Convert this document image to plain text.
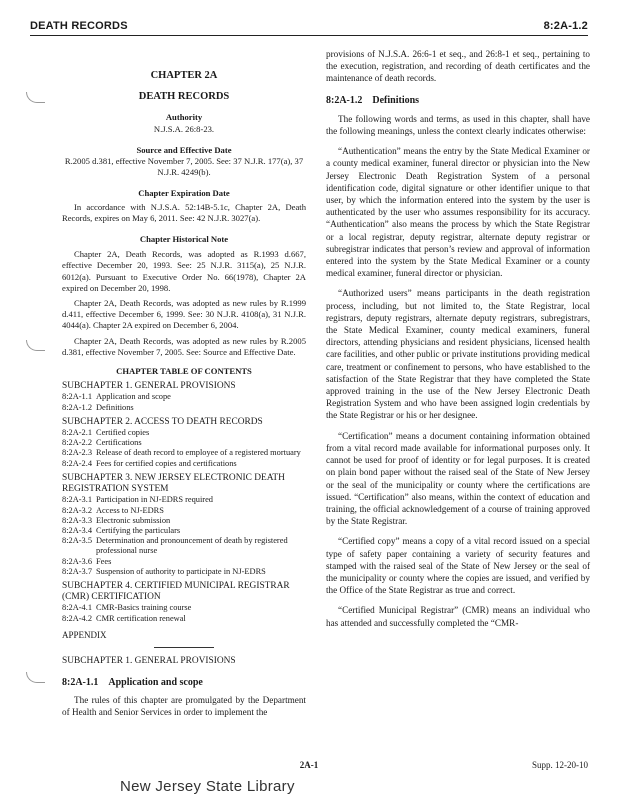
DEATH RECORDS	8:2A-1.2
CHAPTER 2A
DEATH RECORDS
Authority
N.J.S.A. 26:8-23.
Source and Effective Date
R.2005 d.381, effective November 7, 2005. See: 37 N.J.R. 177(a), 37 N.J.R. 4249(b).
Chapter Expiration Date

In accordance with N.J.S.A. 52:14B-5.1c, Chapter 2A, Death Records, expires on May 6, 2011. See: 42 N.J.R. 3027(a).

Chapter Historical Note

Chapter 2A, Death Records, was adopted as R.1993 d.667, effective December 20, 1993. See: 25 N.J.R. 3115(a), 25 N.J.R. 6012(a). Pursuant to Executive Order No. 66(1978), Chapter 2A expired on December 20, 1998.

Chapter 2A, Death Records, was adopted as new rules by R.1999 d.411, effective December 6, 1999. See: 30 N.J.R. 4108(a), 31 N.J.R. 4044(a). Chapter 2A expired on December 6, 2004.

Chapter 2A, Death Records, was adopted as new rules by R.2005 d.381, effective November 7, 2005. See: Source and Effective Date.

CHAPTER TABLE OF CONTENTS
SUBCHAPTER 1. GENERAL PROVISIONS
8:2A-1.1 Application and scope
8:2A-1.2 Definitions
SUBCHAPTER 2. ACCESS TO DEATH RECORDS
8:2A-2.1 Certified copies
8:2A-2.2 Certifications
8:2A-2.3 Release of death record to employee of a registered mortuary
8:2A-2.4 Fees for certified copies and certifications
SUBCHAPTER 3. NEW JERSEY ELECTRONIC DEATH REGISTRATION SYSTEM
8:2A-3.1 Participation in NJ-EDRS required
8:2A-3.2 Access to NJ-EDRS
8:2A-3.3 Electronic submission
8:2A-3.4 Certifying the particulars
8:2A-3.5 Determination and pronouncement of death by registered professional nurse
8:2A-3.6 Fees
8:2A-3.7 Suspension of authority to participate in NJ-EDRS
SUBCHAPTER 4. CERTIFIED MUNICIPAL REGISTRAR (CMR) CERTIFICATION
8:2A-4.1 CMR-Basics training course
8:2A-4.2 CMR certification renewal
APPENDIX
SUBCHAPTER 1. GENERAL PROVISIONS
8:2A-1.1 Application and scope

The rules of this chapter are promulgated by the Department of Health and Senior Services in order to implement the

provisions of N.J.S.A. 26:6-1 et seq., and 26:8-1 et seq., pertaining to the execution, registration, and recording of death certificates and the maintenance of death records.

8:2A-1.2 Definitions

The following words and terms, as used in this chapter, shall have the following meanings, unless the context clearly indicates otherwise:

“Authentication” means the entry by the State Medical Examiner or a county medical examiner, funeral director or physician into the New Jersey Electronic Death Registration System of a personal identification code, digital signature or other identifier unique to that user, by which the information entered into the system by the user is authenticated by the user who assumes responsibility for its accuracy. “Authentication” also means the process by which the State Registrar or a local registrar, deputy registrar, alternate deputy registrar or subregistrar indicates that person’s review and approval of information entered into the system by the State Medical Examiner or a county medical examiner, funeral director or physician.

“Authorized users” means participants in the death registration process, including, but not limited to, the State Registrar, local registrars, deputy registrars, alternate deputy registrars, subregistrars, the State Medical Examiner, county medical examiners, funeral directors, attending physicians and resident physicians, licensed health care facilities, and other public or private institutions providing medical care, treatment or confinement to persons, who have established to the satisfaction of the State Registrar that they have completed the State approved training in the use of the New Jersey Electronic Death Registration System and who have been assigned login credentials by the State Registrar or his or her designee.

“Certification” means a document containing information obtained from a vital record made available for informational purposes only. It cannot be used for proof of identity or for legal purposes. It is created on plain bond paper without the raised seal of the State of New Jersey or the seal of the municipality or county where the certifications are issued. “Certification” also means, within the context of education and training, the official acknowledgement of a course of training approved by the State Registrar.

“Certified copy” means a copy of a vital record issued on a special type of safety paper containing a variety of security features and stamped with the raised seal of the State of New Jersey or the seal of the municipality or county where the copies are issued, and verified by the Office of the State Registrar as true and correct.

“Certified Municipal Registrar” (CMR) means an individual who has attended and successfully completed the “CMR-

2A-1	Supp. 12-20-10
New Jersey State Library
